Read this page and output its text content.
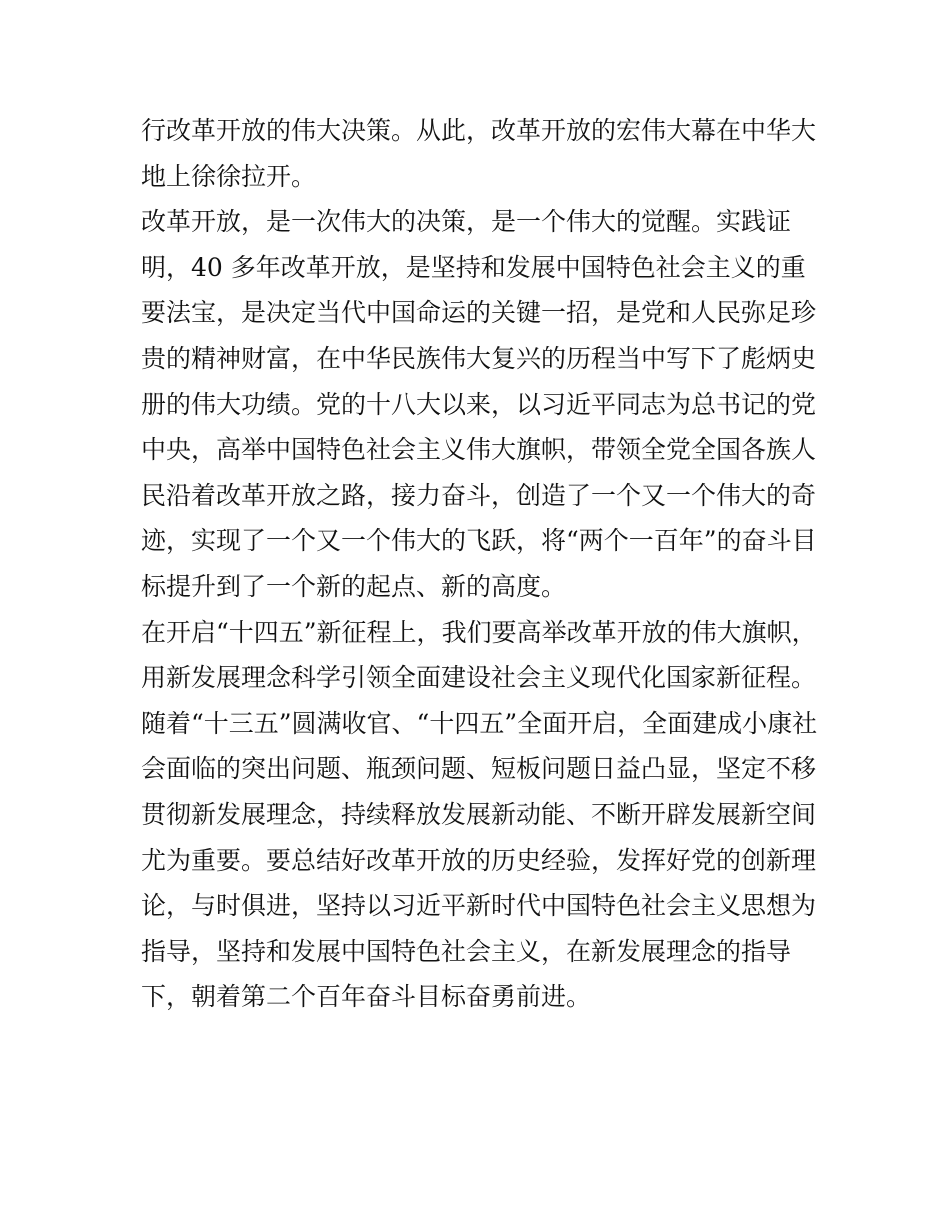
行改革开放的伟大决策。从此，改革开放的宏伟大幕在中华大
地上徐徐拉开。
改革开放，是一次伟大的决策，是一个伟大的觉醒。实践证
明，40 多年改革开放，是坚持和发展中国特色社会主义的重
要法宝，是决定当代中国命运的关键一招，是党和人民弥足珍
贵的精神财富，在中华民族伟大复兴的历程当中写下了彪炳史
册的伟大功绩。党的十八大以来，以习近平同志为总书记的党
中央，高举中国特色社会主义伟大旗帜，带领全党全国各族人
民沿着改革开放之路，接力奋斗，创造了一个又一个伟大的奇
迹，实现了一个又一个伟大的飞跃，将“两个一百年”的奋斗目
标提升到了一个新的起点、新的高度。
在开启“十四五”新征程上，我们要高举改革开放的伟大旗帜，
用新发展理念科学引领全面建设社会主义现代化国家新征程。
随着“十三五”圆满收官、“十四五”全面开启，全面建成小康社
会面临的突出问题、瓶颈问题、短板问题日益凸显，坚定不移
贯彻新发展理念，持续释放发展新动能、不断开辟发展新空间
尤为重要。要总结好改革开放的历史经验，发挥好党的创新理
论，与时俱进，坚持以习近平新时代中国特色社会主义思想为
指导，坚持和发展中国特色社会主义，在新发展理念的指导
下，朝着第二个百年奋斗目标奋勇前进。
